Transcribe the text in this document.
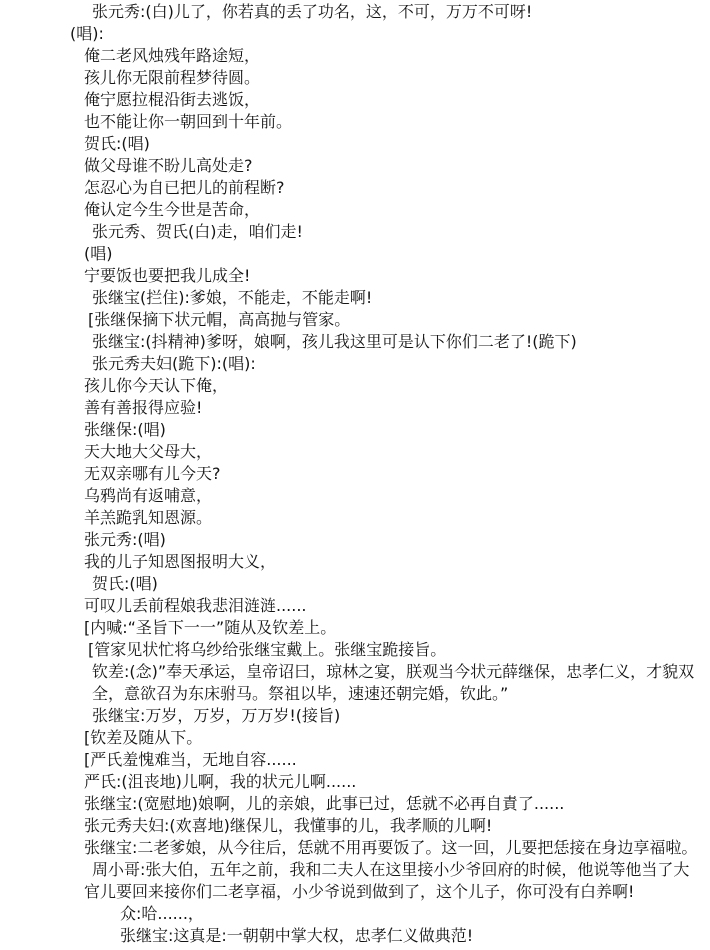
张元秀:(白)儿了，你若真的丢了功名，这，不可，万万不可呀!
(唱):
俺二老风烛残年路途短，
孩儿你无限前程梦待圆。
俺宁愿拉棍沿街去逃饭，
也不能让你一朝回到十年前。
贺氏:(唱)
做父母谁不盼儿高处走?
怎忍心为自已把儿的前程断?
俺认定今生今世是苦命，
张元秀、贺氏(白)走，咱们走!
(唱)
宁要饭也要把我儿成全!
张继宝(拦住):爹娘，不能走，不能走啊!
[张继保摘下状元帽，高高抛与管家。
张继宝:(抖精神)爹呀，娘啊，孩儿我这里可是认下你们二老了!(跪下)
张元秀夫妇(跪下):(唱):
孩儿你今天认下俺，
善有善报得应验!
张继保:(唱)
天大地大父母大，
无双亲哪有儿今天?
乌鸦尚有返哺意，
羊羔跪乳知恩源。
张元秀:(唱)
我的儿子知恩图报明大义，
贺氏:(唱)
可叹儿丢前程娘我悲泪涟涟......
[内喊:“圣旨下一一”随从及钦差上。
[管家见状忙将乌纱给张继宝戴上。张继宝跪接旨。
钦差:(念)”奉天承运，皇帝诏曰，琼林之宴，朕观当今状元薛继保，忠孝仁义，才貌双
全，意欲召为东床驸马。祭祖以毕，速速还朝完婚，钦此。”
张继宝:万岁，万岁，万万岁!(接旨)
[钦差及随从下。
[严氏羞愧难当，无地自容......
严氏:(沮丧地)儿啊，我的状元儿啊......
张继宝:(宽慰地)娘啊，儿的亲娘，此事已过，恁就不必再自責了......
张元秀夫妇:(欢喜地)继保儿，我懂事的儿，我孝顺的儿啊!
张继宝:二老爹娘，从今往后，恁就不用再要饭了。这一回，儿要把恁接在身边享福啦。
周小哥:张大伯，五年之前，我和二夫人在这里接小少爷回府的时候，他说等他当了大
官儿要回来接你们二老享福，小少爷说到做到了，这个儿子，你可没有白养啊!
众:哈......，
张继宝:这真是:一朝朝中掌大权，忠孝仁义做典范!
